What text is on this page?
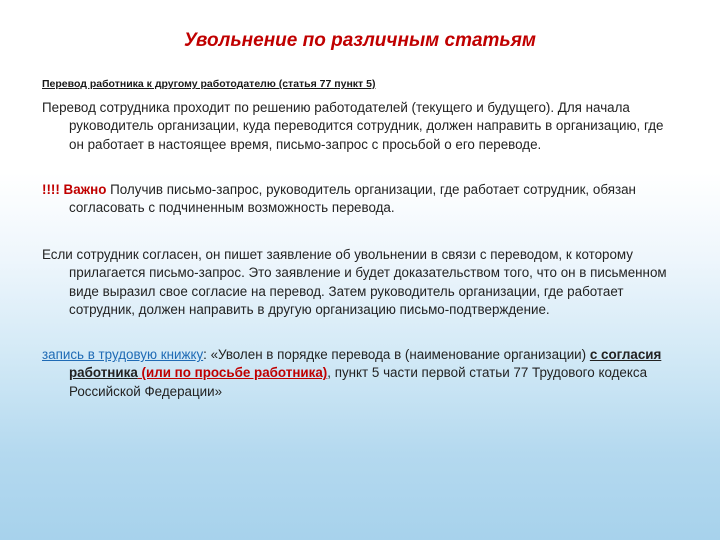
Увольнение по различным статьям
Перевод работника к другому работодателю (статья 77 пункт 5)
Перевод сотрудника проходит по решению работодателей (текущего и будущего). Для начала руководитель организации, куда переводится сотрудник, должен направить в организацию, где он работает в настоящее время, письмо-запрос с просьбой о его переводе.
!!!! Важно Получив письмо-запрос, руководитель организации, где работает сотрудник, обязан согласовать с подчиненным возможность перевода.
Если сотрудник согласен, он пишет заявление об увольнении в связи с переводом, к которому прилагается письмо-запрос. Это заявление и будет доказательством того, что он в письменном виде выразил свое согласие на перевод. Затем руководитель организации, где работает сотрудник, должен направить в другую организацию письмо-подтверждение.
запись в трудовую книжку: «Уволен в порядке перевода в (наименование организации) с согласия работника (или по просьбе работника), пункт 5 части первой статьи 77 Трудового кодекса Российской Федерации»
